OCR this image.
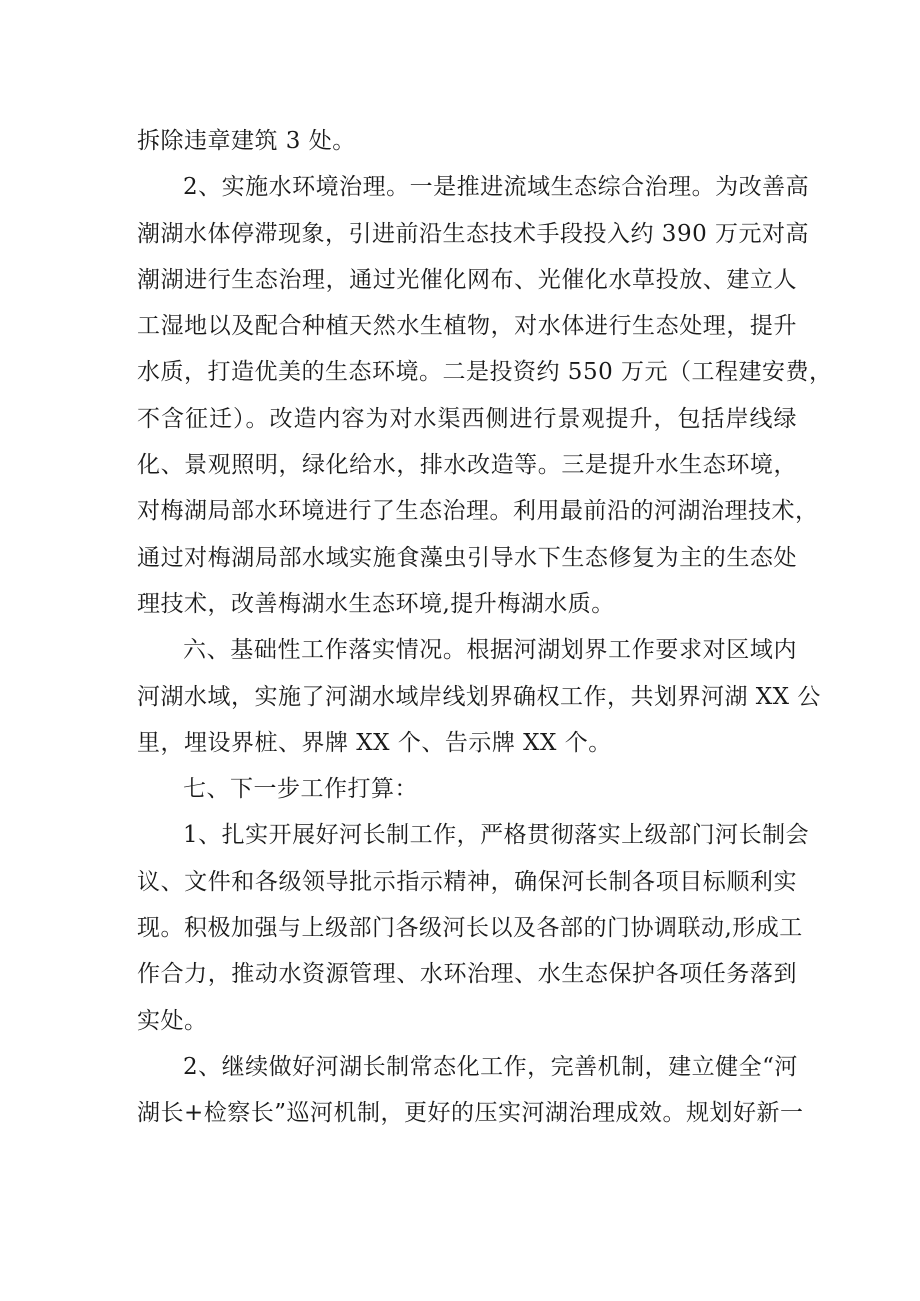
拆除违章建筑 3 处。
2、实施水环境治理。一是推进流域生态综合治理。为改善高
潮湖水体停滞现象，引进前沿生态技术手段投入约 390 万元对高
潮湖进行生态治理，通过光催化网布、光催化水草投放、建立人
工湿地以及配合种植天然水生植物，对水体进行生态处理，提升
水质，打造优美的生态环境。二是投资约 550 万元（工程建安费，
不含征迁）。改造内容为对水渠西侧进行景观提升，包括岸线绿
化、景观照明，绿化给水，排水改造等。三是提升水生态环境，
对梅湖局部水环境进行了生态治理。利用最前沿的河湖治理技术，
通过对梅湖局部水域实施食藻虫引导水下生态修复为主的生态处
理技术，改善梅湖水生态环境,提升梅湖水质。
六、基础性工作落实情况。根据河湖划界工作要求对区域内
河湖水域，实施了河湖水域岸线划界确权工作，共划界河湖 XX 公
里，埋设界桩、界牌 XX 个、告示牌 XX 个。
七、下一步工作打算：
1、扎实开展好河长制工作，严格贯彻落实上级部门河长制会
议、文件和各级领导批示指示精神，确保河长制各项目标顺利实
现。积极加强与上级部门各级河长以及各部的门协调联动,形成工
作合力，推动水资源管理、水环治理、水生态保护各项任务落到
实处。
2、继续做好河湖长制常态化工作，完善机制，建立健全“河
湖长+检察长”巡河机制，更好的压实河湖治理成效。规划好新一
